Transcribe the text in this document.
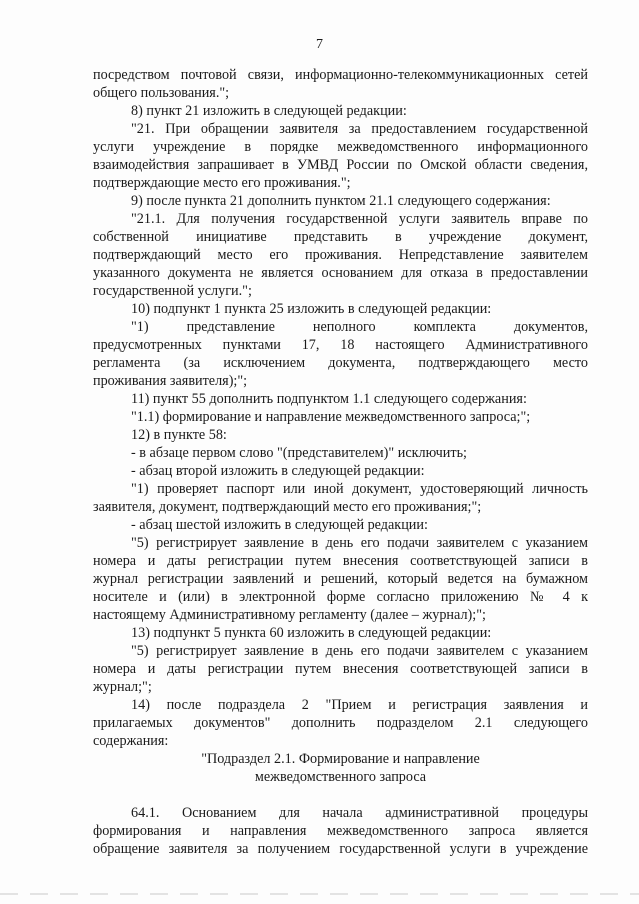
7
посредством почтовой связи, информационно-телекоммуникационных сетей
общего пользования.";
8) пункт 21 изложить в следующей редакции:
"21. При обращении заявителя за предоставлением государственной
услуги учреждение в порядке межведомственного информационного
взаимодействия запрашивает в УМВД России по Омской области сведения,
подтверждающие место его проживания.";
9) после пункта 21 дополнить пунктом 21.1 следующего содержания:
"21.1. Для получения государственной услуги заявитель вправе по
собственной инициативе представить в учреждение документ,
подтверждающий место его проживания. Непредставление заявителем
указанного документа не является основанием для отказа в предоставлении
государственной услуги.";
10) подпункт 1 пункта 25 изложить в следующей редакции:
"1) представление неполного комплекта документов,
предусмотренных пунктами 17, 18 настоящего Административного
регламента (за исключением документа, подтверждающего место
проживания заявителя);";
11) пункт 55 дополнить подпунктом 1.1 следующего содержания:
"1.1) формирование и направление межведомственного запроса;";
12) в пункте 58:
- в абзаце первом слово "(представителем)" исключить;
- абзац второй изложить в следующей редакции:
"1) проверяет паспорт или иной документ, удостоверяющий личность
заявителя, документ, подтверждающий место его проживания;";
- абзац шестой изложить в следующей редакции:
"5) регистрирует заявление в день его подачи заявителем с указанием
номера и даты регистрации путем внесения соответствующей записи в
журнал регистрации заявлений и решений, который ведется на бумажном
носителе и (или) в электронной форме согласно приложению № 4 к
настоящему Административному регламенту (далее – журнал);";
13) подпункт 5 пункта 60 изложить в следующей редакции:
"5) регистрирует заявление в день его подачи заявителем с указанием
номера и даты регистрации путем внесения соответствующей записи в
журнал;";
14) после подраздела 2 "Прием и регистрация заявления и
прилагаемых документов" дополнить подразделом 2.1 следующего
содержания:
"Подраздел 2.1. Формирование и направление
межведомственного запроса
64.1. Основанием для начала административной процедуры
формирования и направления межведомственного запроса является
обращение заявителя за получением государственной услуги в учреждение
